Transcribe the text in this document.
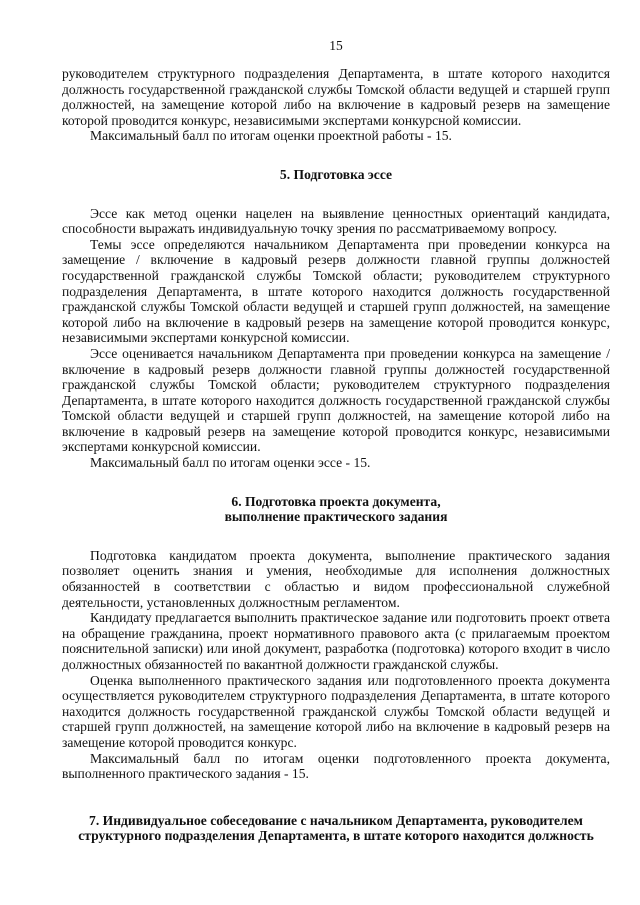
15

руководителем структурного подразделения Департамента, в штате которого находится должность государственной гражданской службы Томской области ведущей и старшей групп должностей, на замещение которой либо на включение в кадровый резерв на замещение которой проводится конкурс, независимыми экспертами конкурсной комиссии.

Максимальный балл по итогам оценки проектной работы - 15.

5. Подготовка эссе

Эссе как метод оценки нацелен на выявление ценностных ориентаций кандидата, способности выражать индивидуальную точку зрения по рассматриваемому вопросу.

Темы эссе определяются начальником Департамента при проведении конкурса на замещение / включение в кадровый резерв должности главной группы должностей государственной гражданской службы Томской области; руководителем структурного подразделения Департамента, в штате которого находится должность государственной гражданской службы Томской области ведущей и старшей групп должностей, на замещение которой либо на включение в кадровый резерв на замещение которой проводится конкурс, независимыми экспертами конкурсной комиссии.

Эссе оценивается начальником Департамента при проведении конкурса на замещение / включение в кадровый резерв должности главной группы должностей государственной гражданской службы Томской области; руководителем структурного подразделения Департамента, в штате которого находится должность государственной гражданской службы Томской области ведущей и старшей групп должностей, на замещение которой либо на включение в кадровый резерв на замещение которой проводится конкурс, независимыми экспертами конкурсной комиссии.

Максимальный балл по итогам оценки эссе - 15.

6. Подготовка проекта документа,
выполнение практического задания

Подготовка кандидатом проекта документа, выполнение практического задания позволяет оценить знания и умения, необходимые для исполнения должностных обязанностей в соответствии с областью и видом профессиональной служебной деятельности, установленных должностным регламентом.

Кандидату предлагается выполнить практическое задание или подготовить проект ответа на обращение гражданина, проект нормативного правового акта (с прилагаемым проектом пояснительной записки) или иной документ, разработка (подготовка) которого входит в число должностных обязанностей по вакантной должности гражданской службы.

Оценка выполненного практического задания или подготовленного проекта документа осуществляется руководителем структурного подразделения Департамента, в штате которого находится должность государственной гражданской службы Томской области ведущей и старшей групп должностей, на замещение которой либо на включение в кадровый резерв на замещение которой проводится конкурс.

Максимальный балл по итогам оценки подготовленного проекта документа, выполненного практического задания - 15.

7. Индивидуальное собеседование с начальником Департамента, руководителем
структурного подразделения Департамента, в штате которого находится должность
